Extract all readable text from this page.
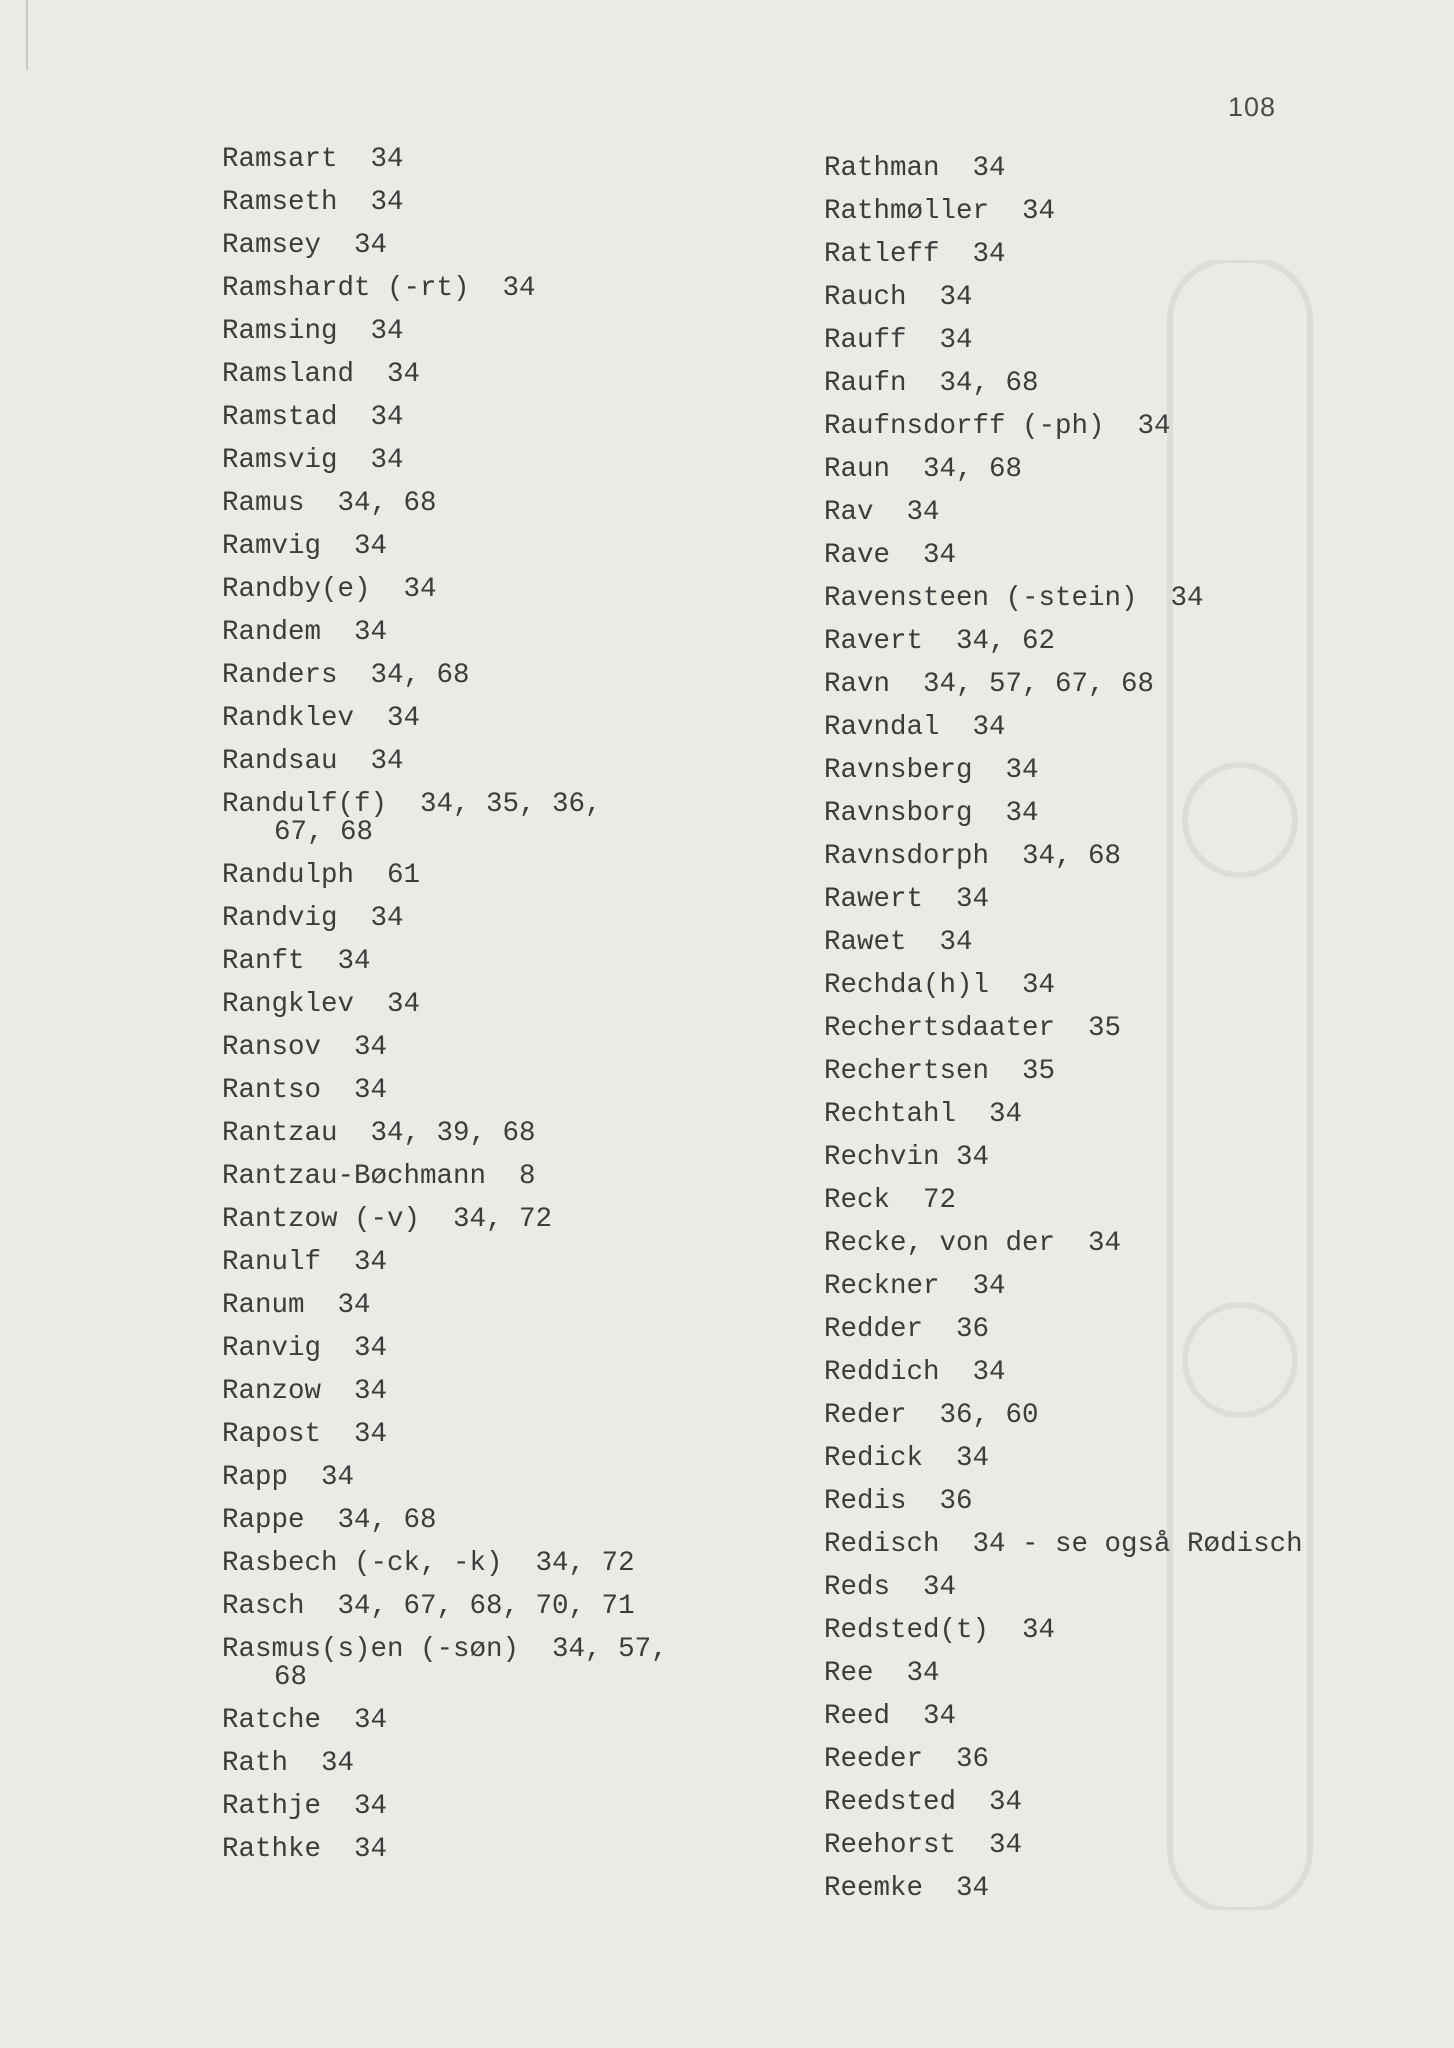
108
Ramsart  34
Ramseth  34
Ramsey  34
Ramshardt (-rt)  34
Ramsing  34
Ramsland  34
Ramstad  34
Ramsvig  34
Ramus  34, 68
Ramvig  34
Randby(e)  34
Randem  34
Randers  34, 68
Randklev  34
Randsau  34
Randulf(f)  34, 35, 36,
67, 68
Randulph  61
Randvig  34
Ranft  34
Rangklev  34
Ransov  34
Rantso  34
Rantzau  34, 39, 68
Rantzau-Bøchmann  8
Rantzow (-v)  34, 72
Ranulf  34
Ranum  34
Ranvig  34
Ranzow  34
Rapost  34
Rapp  34
Rappe  34, 68
Rasbech (-ck, -k)  34, 72
Rasch  34, 67, 68, 70, 71
Rasmus(s)en (-søn)  34, 57,
68
Ratche  34
Rath  34
Rathje  34
Rathke  34
Rathman  34
Rathmøller  34
Ratleff  34
Rauch  34
Rauff  34
Raufn  34, 68
Raufnsdorff (-ph)  34
Raun  34, 68
Rav  34
Rave  34
Ravensteen (-stein)  34
Ravert  34, 62
Ravn  34, 57, 67, 68
Ravndal  34
Ravnsberg  34
Ravnsborg  34
Ravnsdorph  34, 68
Rawert  34
Rawet  34
Rechda(h)l  34
Rechertsdaater  35
Rechertsen  35
Rechtahl  34
Rechvin 34
Reck  72
Recke, von der  34
Reckner  34
Redder  36
Reddich  34
Reder  36, 60
Redick  34
Redis  36
Redisch  34 - se også Rødisch
Reds  34
Redsted(t)  34
Ree  34
Reed  34
Reeder  36
Reedsted  34
Reehorst  34
Reemke  34
